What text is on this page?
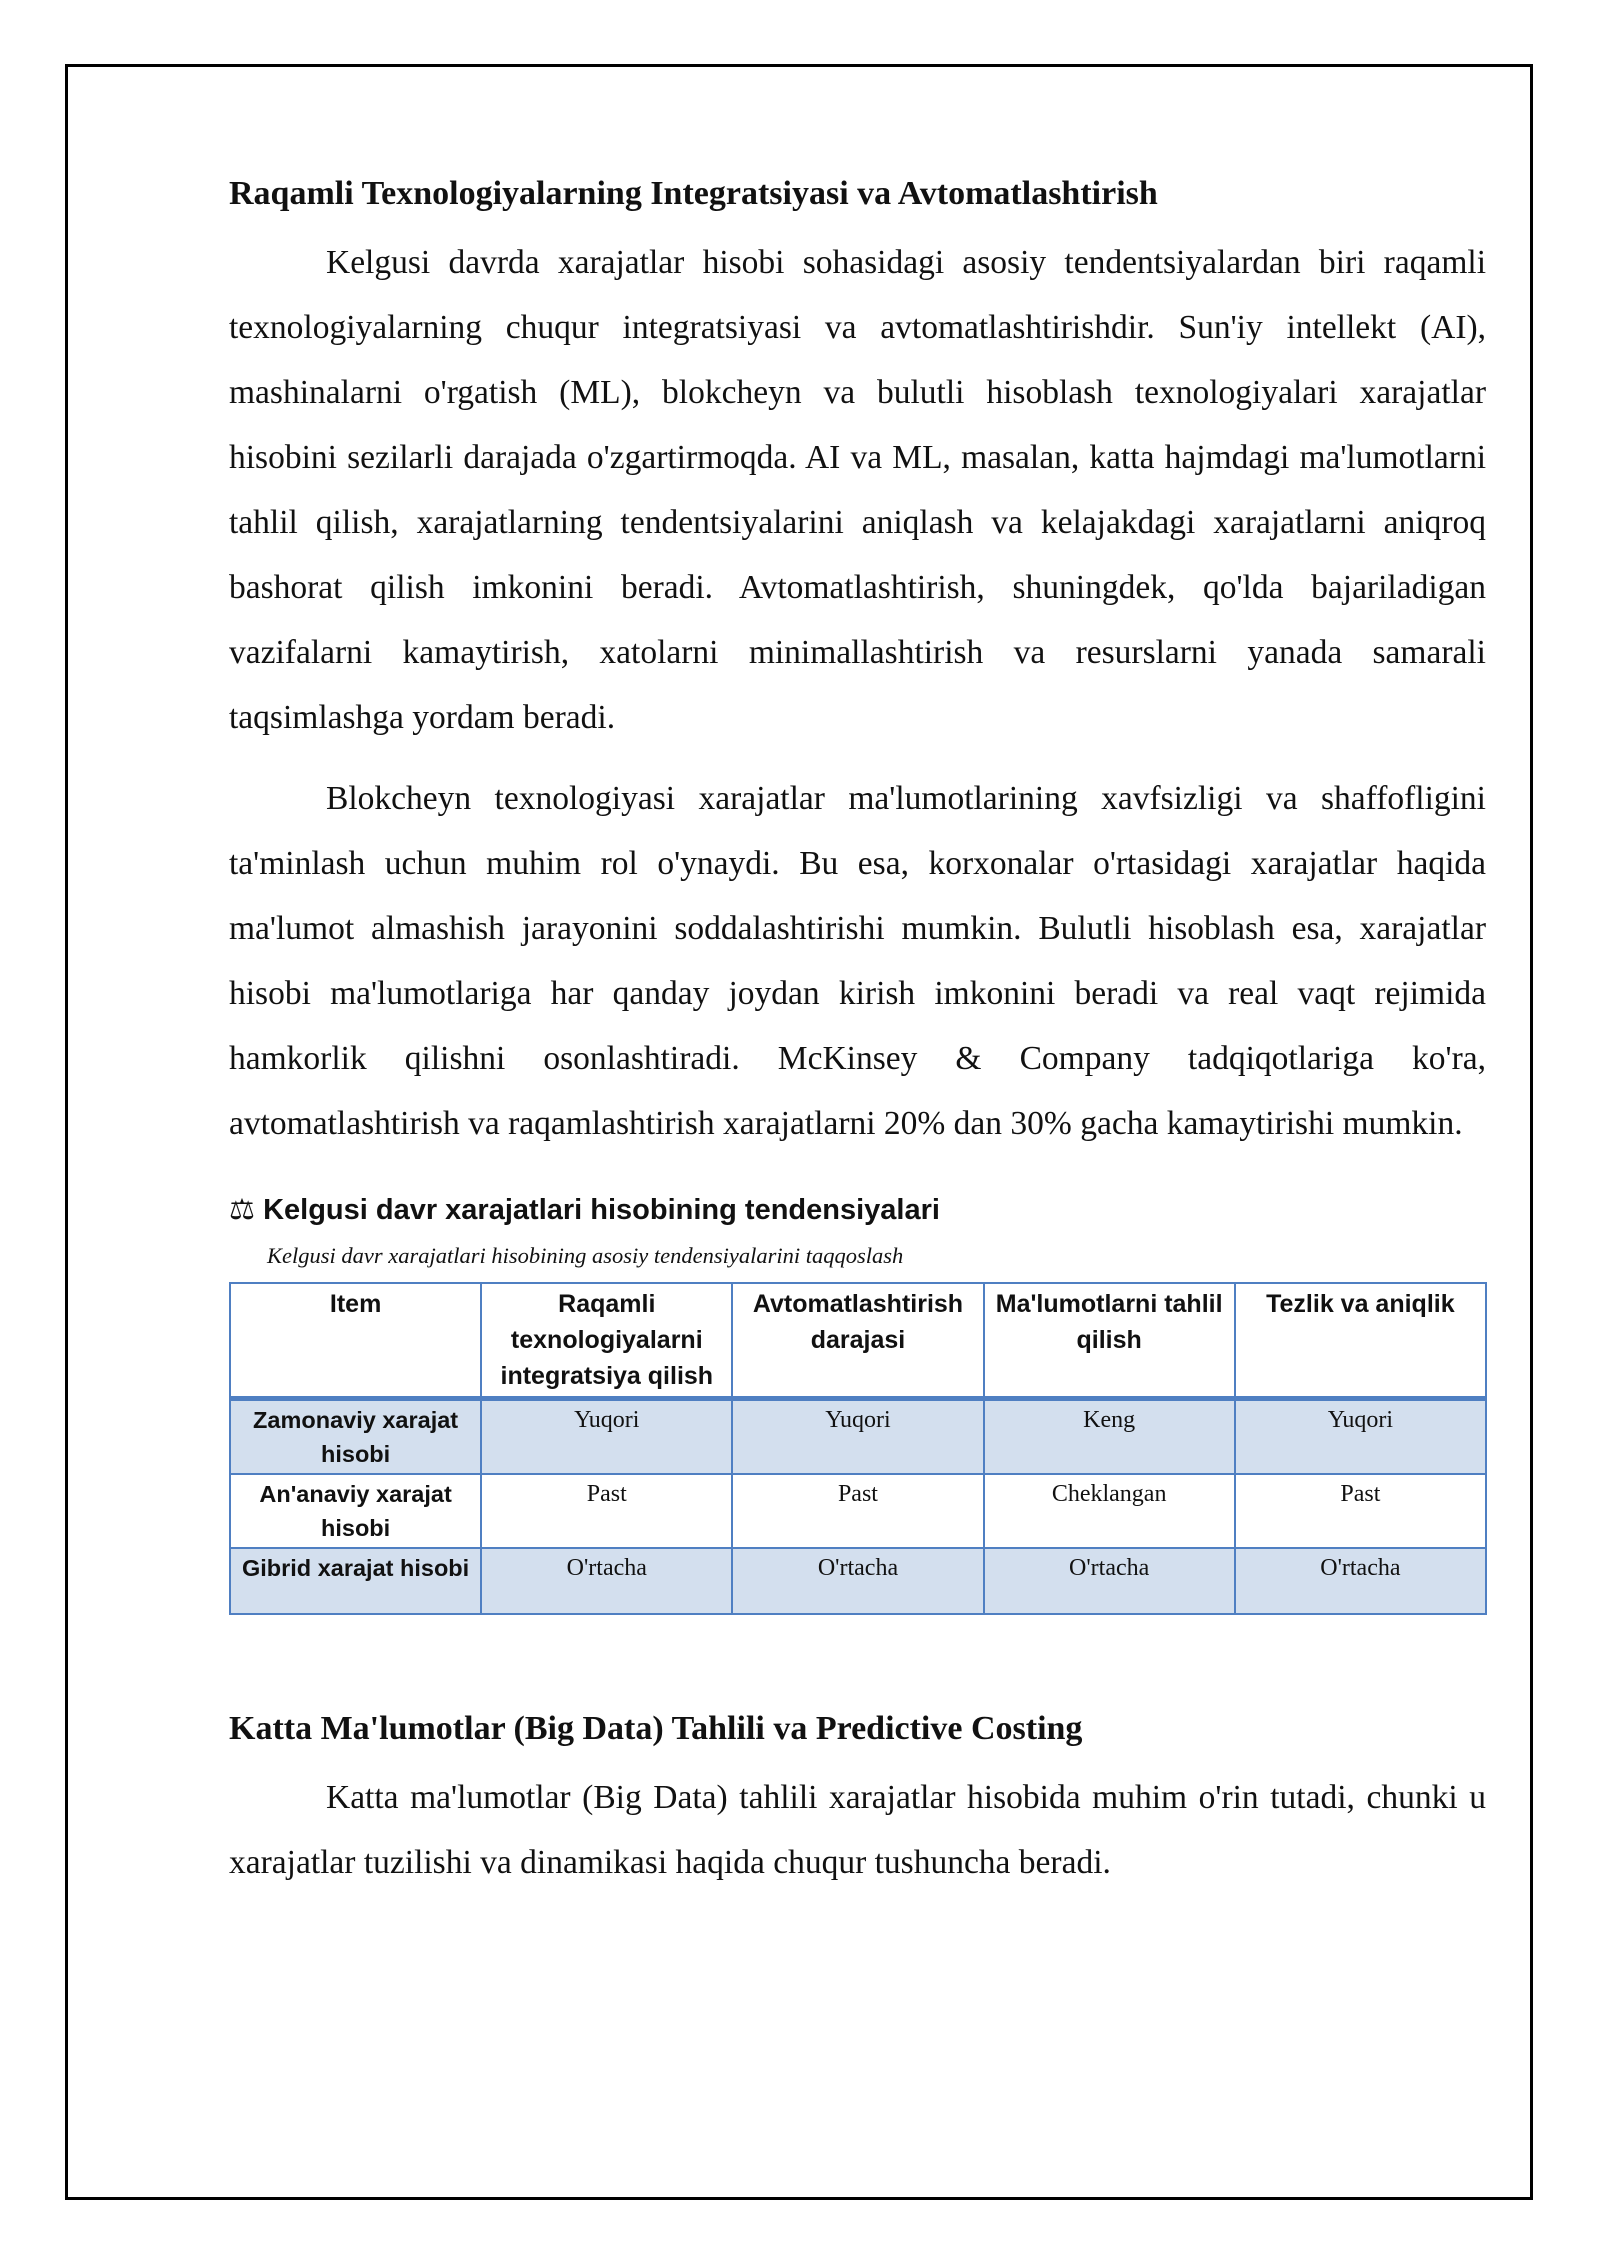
Raqamli Texnologiyalarning Integratsiyasi va Avtomatlashtirish

Kelgusi davrda xarajatlar hisobi sohasidagi asosiy tendentsiyalardan biri raqamli texnologiyalarning chuqur integratsiyasi va avtomatlashtirishdir. Sun'iy intellekt (AI), mashinalarni o'rgatish (ML), blokcheyn va bulutli hisoblash texnologiyalari xarajatlar hisobini sezilarli darajada o'zgartirmoqda. AI va ML, masalan, katta hajmdagi ma'lumotlarni tahlil qilish, xarajatlarning tendentsiyalarini aniqlash va kelajakdagi xarajatlarni aniqroq bashorat qilish imkonini beradi. Avtomatlashtirish, shuningdek, qo'lda bajariladigan vazifalarni kamaytirish, xatolarni minimallashtirish va resurslarni yanada samarali taqsimlashga yordam beradi.

Blokcheyn texnologiyasi xarajatlar ma'lumotlarining xavfsizligi va shaffofligini ta'minlash uchun muhim rol o'ynaydi. Bu esa, korxonalar o'rtasidagi xarajatlar haqida ma'lumot almashish jarayonini soddalashtirishi mumkin. Bulutli hisoblash esa, xarajatlar hisobi ma'lumotlariga har qanday joydan kirish imkonini beradi va real vaqt rejimida hamkorlik qilishni osonlashtiradi. McKinsey & Company tadqiqotlariga ko'ra, avtomatlashtirish va raqamlashtirish xarajatlarni 20% dan 30% gacha kamaytirishi mumkin.

⚖ Kelgusi davr xarajatlari hisobining tendensiyalari
Kelgusi davr xarajatlari hisobining asosiy tendensiyalarini taqqoslash
Item	Raqamli texnologiyalarni integratsiya qilish	Avtomatlashtirish darajasi	Ma'lumotlarni tahlil qilish	Tezlik va aniqlik
Zamonaviy xarajat hisobi	Yuqori	Yuqori	Keng	Yuqori
An'anaviy xarajat hisobi	Past	Past	Cheklangan	Past
Gibrid xarajat hisobi	O'rtacha	O'rtacha	O'rtacha	O'rtacha
Katta Ma'lumotlar (Big Data) Tahlili va Predictive Costing

Katta ma'lumotlar (Big Data) tahlili xarajatlar hisobida muhim o'rin tutadi, chunki u xarajatlar tuzilishi va dinamikasi haqida chuqur tushuncha beradi.
